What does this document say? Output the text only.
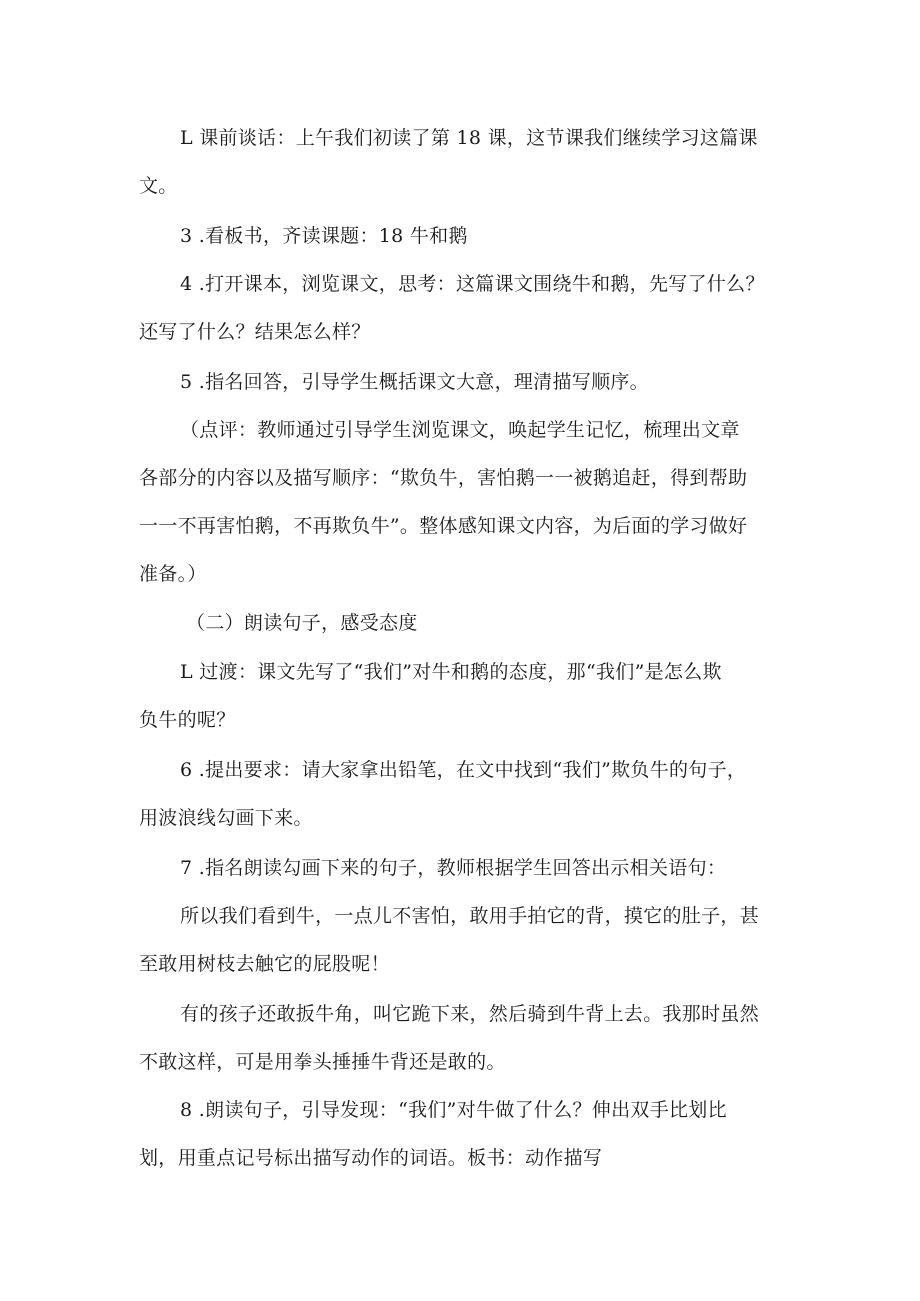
L 课前谈话：上午我们初读了第 18 课，这节课我们继续学习这篇课
文。
3 .看板书，齐读课题：18 牛和鹅
4 .打开课本，浏览课文，思考：这篇课文围绕牛和鹅，先写了什么？
还写了什么？结果怎么样？
5 .指名回答，引导学生概括课文大意，理清描写顺序。
（点评：教师通过引导学生浏览课文，唤起学生记忆，梳理出文章
各部分的内容以及描写顺序：“欺负牛，害怕鹅一一被鹅追赶，得到帮助
一一不再害怕鹅，不再欺负牛”。整体感知课文内容，为后面的学习做好
准备。）
（二）朗读句子，感受态度
L 过渡：课文先写了“我们”对牛和鹅的态度，那“我们”是怎么欺
负牛的呢？
6 .提出要求：请大家拿出铅笔，在文中找到“我们”欺负牛的句子，
用波浪线勾画下来。
7 .指名朗读勾画下来的句子，教师根据学生回答出示相关语句：
所以我们看到牛，一点儿不害怕，敢用手拍它的背，摸它的肚子，甚
至敢用树枝去触它的屁股呢！
有的孩子还敢扳牛角，叫它跪下来，然后骑到牛背上去。我那时虽然
不敢这样，可是用拳头捶捶牛背还是敢的。
8 .朗读句子，引导发现：“我们”对牛做了什么？伸出双手比划比
划，用重点记号标出描写动作的词语。板书：动作描写
